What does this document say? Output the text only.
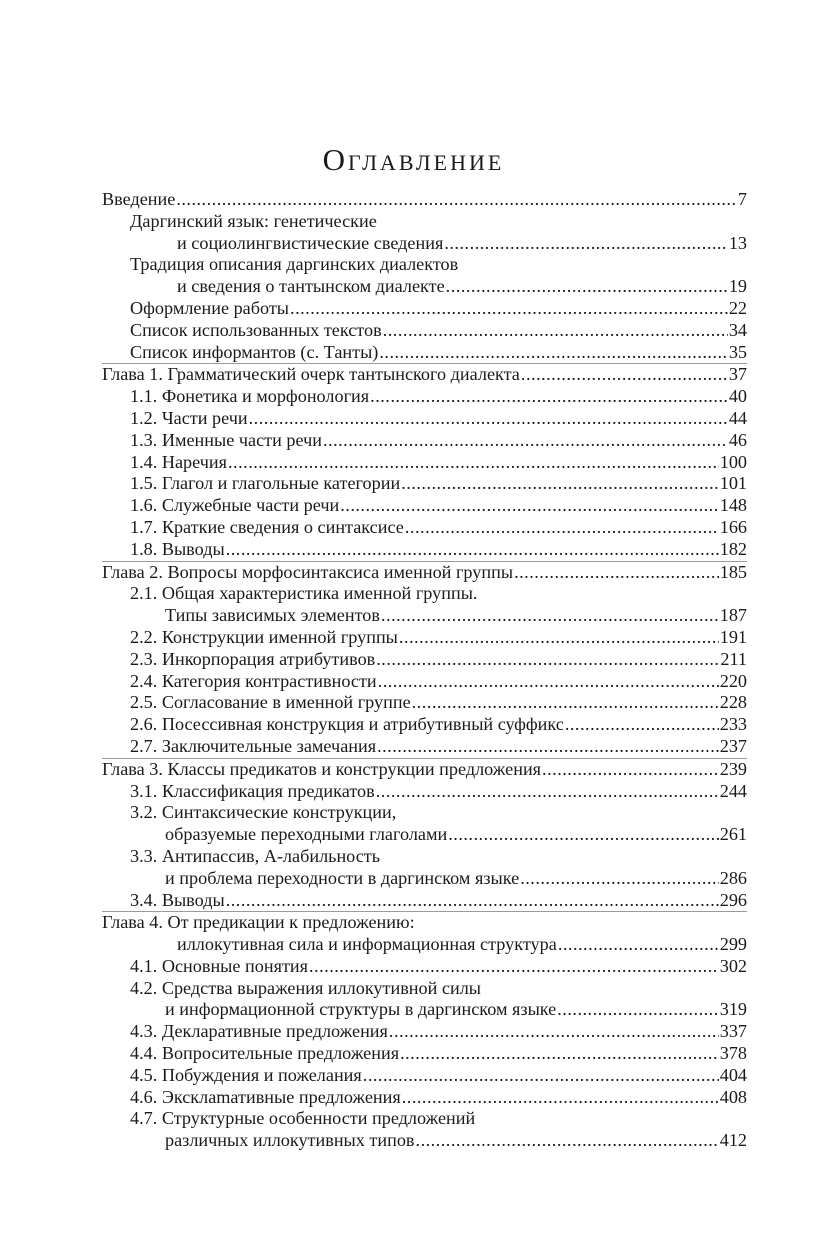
Оглавление
Введение .....	7
Даргинский язык: генетические
и социолингвистические сведения .....	13
Традиция описания даргинских диалектов
и сведения о тантынском диалекте .....	19
Оформление работы .....	22
Список использованных текстов .....	34
Список информантов (с. Танты) .....	35
Глава 1. Грамматический очерк тантынского диалекта .....	37
1.1. Фонетика и морфонология .....	40
1.2. Части речи .....	44
1.3. Именные части речи .....	46
1.4. Наречия .....	100
1.5. Глагол и глагольные категории .....	101
1.6. Служебные части речи .....	148
1.7. Краткие сведения о синтаксисе .....	166
1.8. Выводы .....	182
Глава 2. Вопросы морфосинтаксиса именной группы .....	185
2.1. Общая характеристика именной группы.
Типы зависимых элементов .....	187
2.2. Конструкции именной группы .....	191
2.3. Инкорпорация атрибутивов .....	211
2.4. Категория контрастивности .....	220
2.5. Согласование в именной группе .....	228
2.6. Посессивная конструкция и атрибутивный суффикс .....	233
2.7. Заключительные замечания .....	237
Глава 3. Классы предикатов и конструкции предложения .....	239
3.1. Классификация предикатов .....	244
3.2. Синтаксические конструкции,
образуемые переходными глаголами .....	261
3.3. Антипассив, A-лабильность
и проблема переходности в даргинском языке .....	286
3.4. Выводы .....	296
Глава 4. От предикации к предложению:
иллокутивная сила и информационная структура .....	299
4.1. Основные понятия .....	302
4.2. Средства выражения иллокутивной силы
и информационной структуры в даргинском языке .....	319
4.3. Декларативные предложения .....	337
4.4. Вопросительные предложения .....	378
4.5. Побуждения и пожелания .....	404
4.6. Эксклamативные предложения .....	408
4.7. Структурные особенности предложений
различных иллокутивных типов .....	412
